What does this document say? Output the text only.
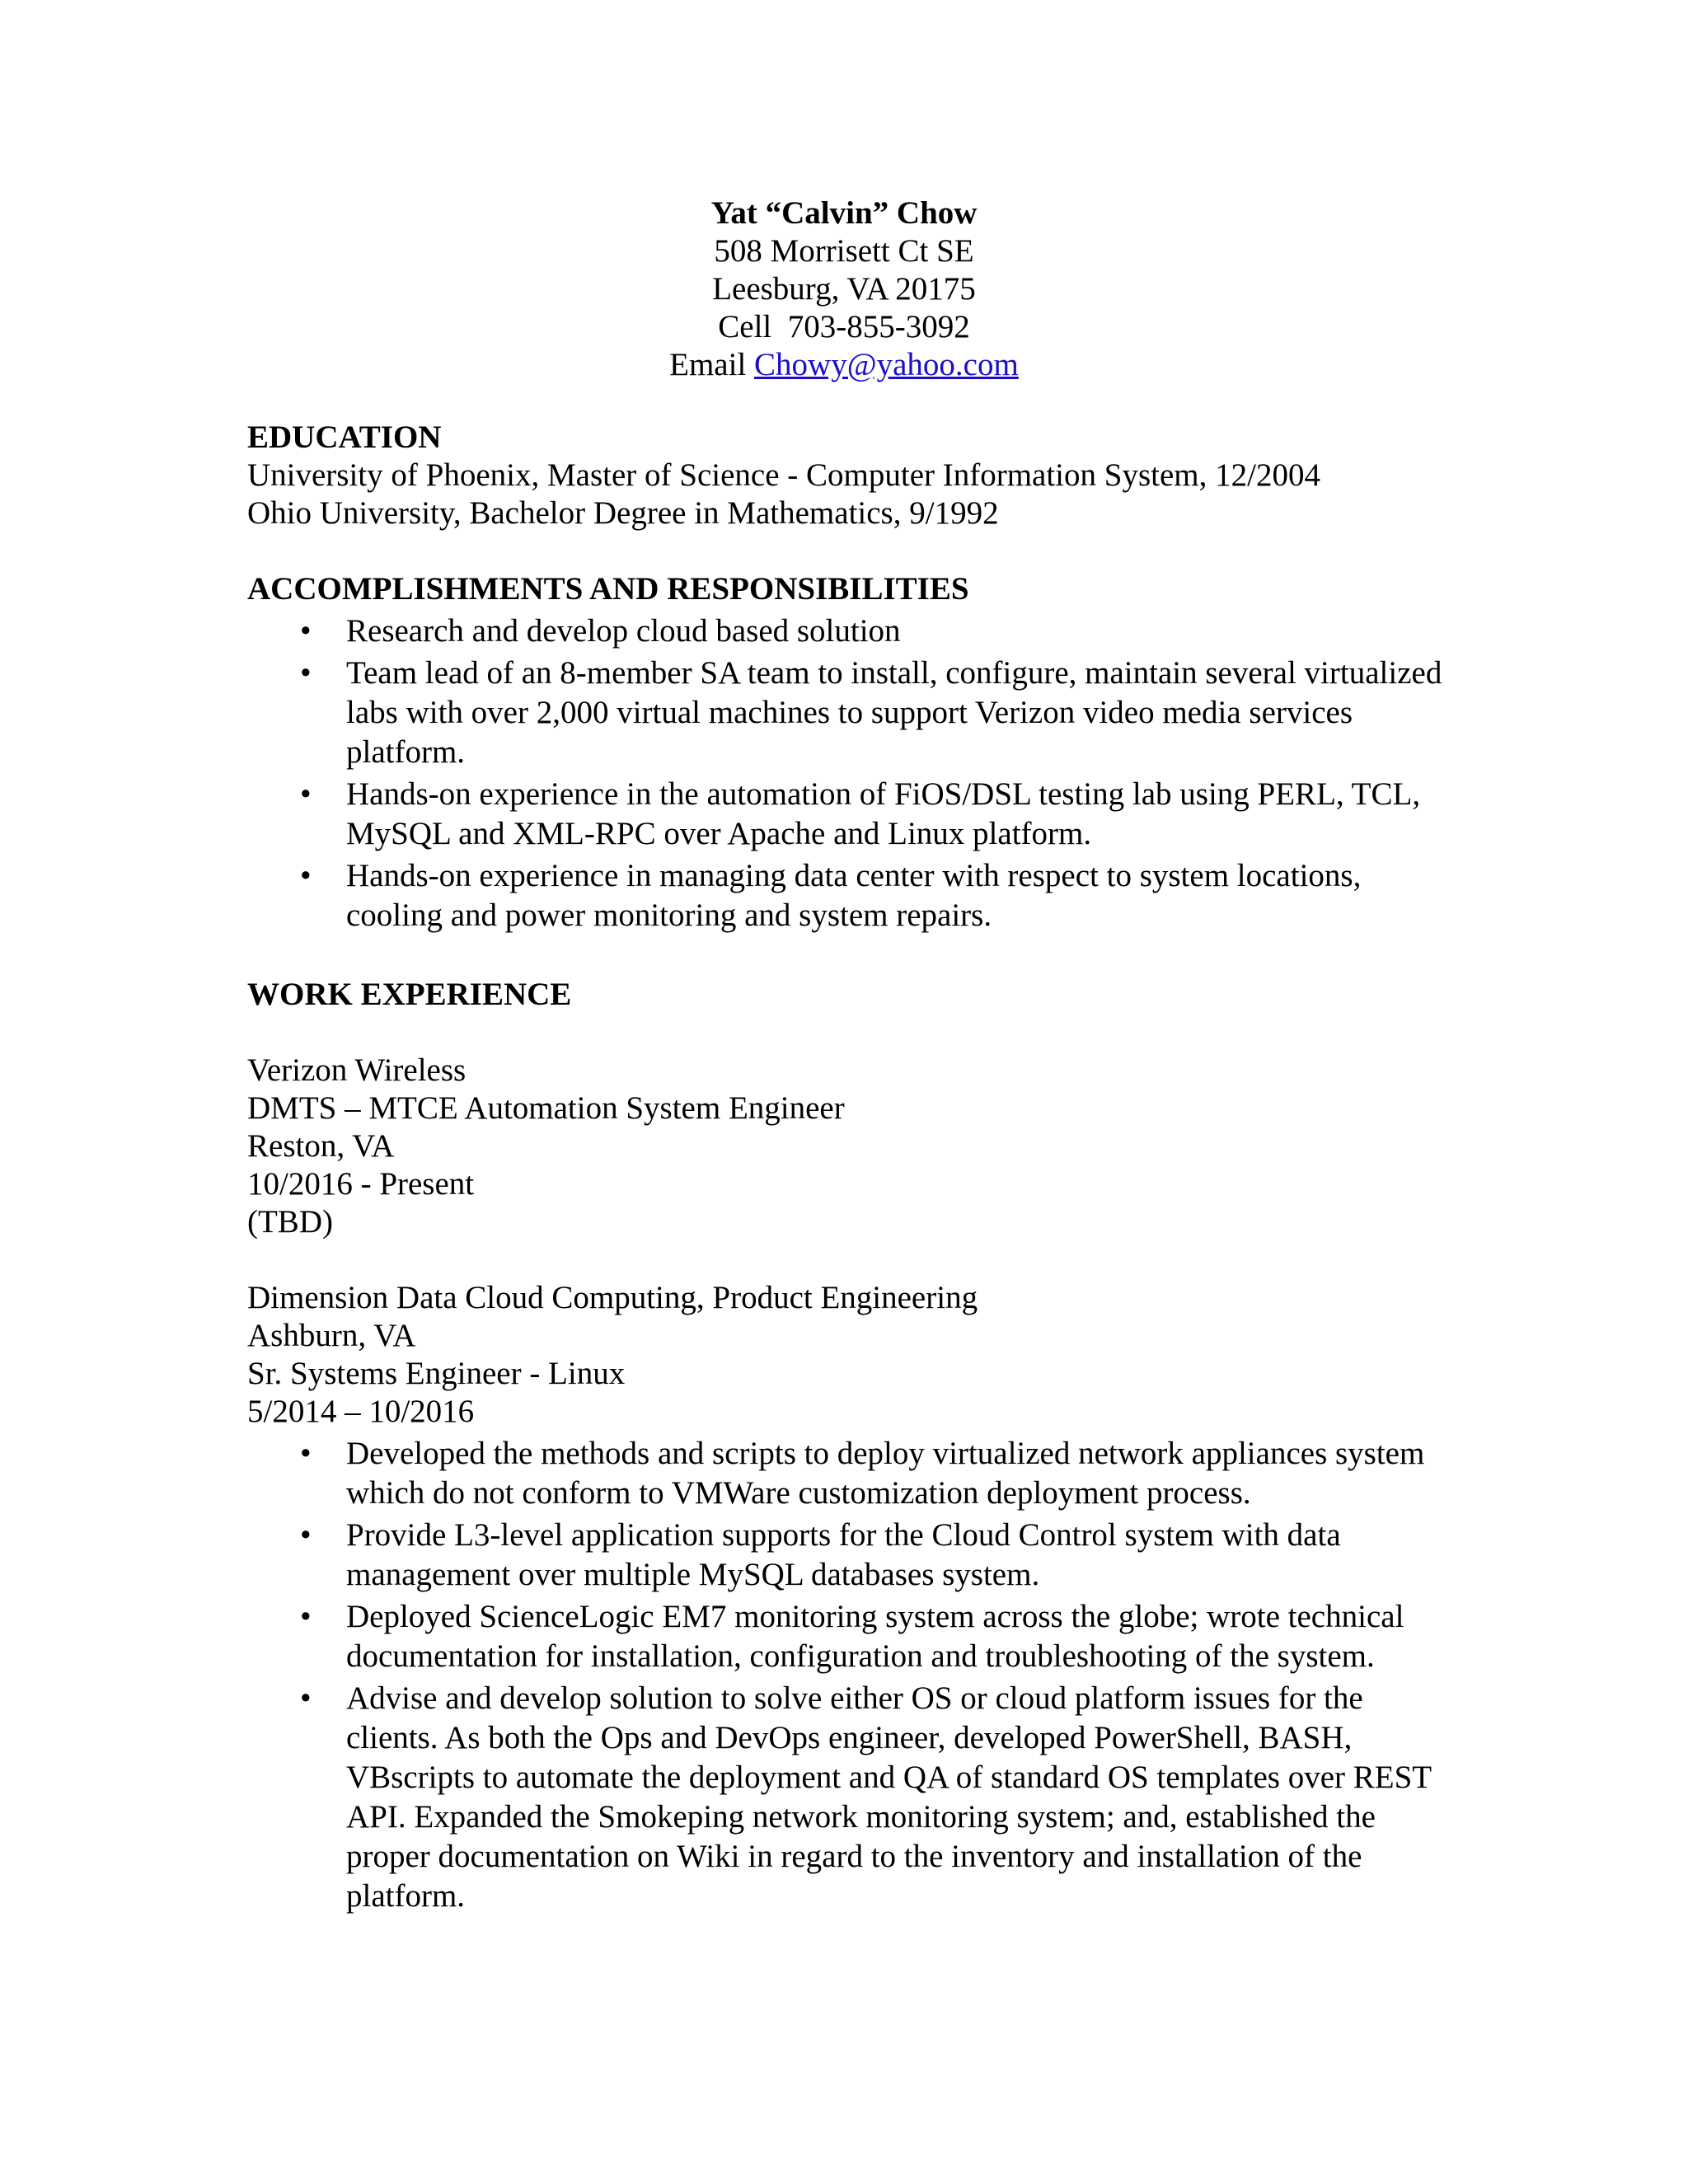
Yat “Calvin” Chow
508 Morrisett Ct SE
Leesburg, VA 20175
Cell  703-855-3092
Email Chowy@yahoo.com

EDUCATION

University of Phoenix, Master of Science - Computer Information System, 12/2004

Ohio University, Bachelor Degree in Mathematics, 9/1992

ACCOMPLISHMENTS AND RESPONSIBILITIES

•	Research and develop cloud based solution
•	Team lead of an 8-member SA team to install, configure, maintain several virtualized labs with over 2,000 virtual machines to support Verizon video media services platform.
•	Hands-on experience in the automation of FiOS/DSL testing lab using PERL, TCL, MySQL and XML-RPC over Apache and Linux platform.
•	Hands-on experience in managing data center with respect to system locations, cooling and power monitoring and system repairs.

WORK EXPERIENCE

Verizon Wireless

DMTS – MTCE Automation System Engineer

Reston, VA

10/2016 - Present

(TBD)

Dimension Data Cloud Computing, Product Engineering

Ashburn, VA

Sr. Systems Engineer - Linux

5/2014 – 10/2016

•	Developed the methods and scripts to deploy virtualized network appliances system which do not conform to VMWare customization deployment process.
•	Provide L3-level application supports for the Cloud Control system with data management over multiple MySQL databases system.
•	Deployed ScienceLogic EM7 monitoring system across the globe; wrote technical documentation for installation, configuration and troubleshooting of the system.
•	Advise and develop solution to solve either OS or cloud platform issues for the clients. As both the Ops and DevOps engineer, developed PowerShell, BASH, VBscripts to automate the deployment and QA of standard OS templates over REST API. Expanded the Smokeping network monitoring system; and, established the proper documentation on Wiki in regard to the inventory and installation of the platform.
